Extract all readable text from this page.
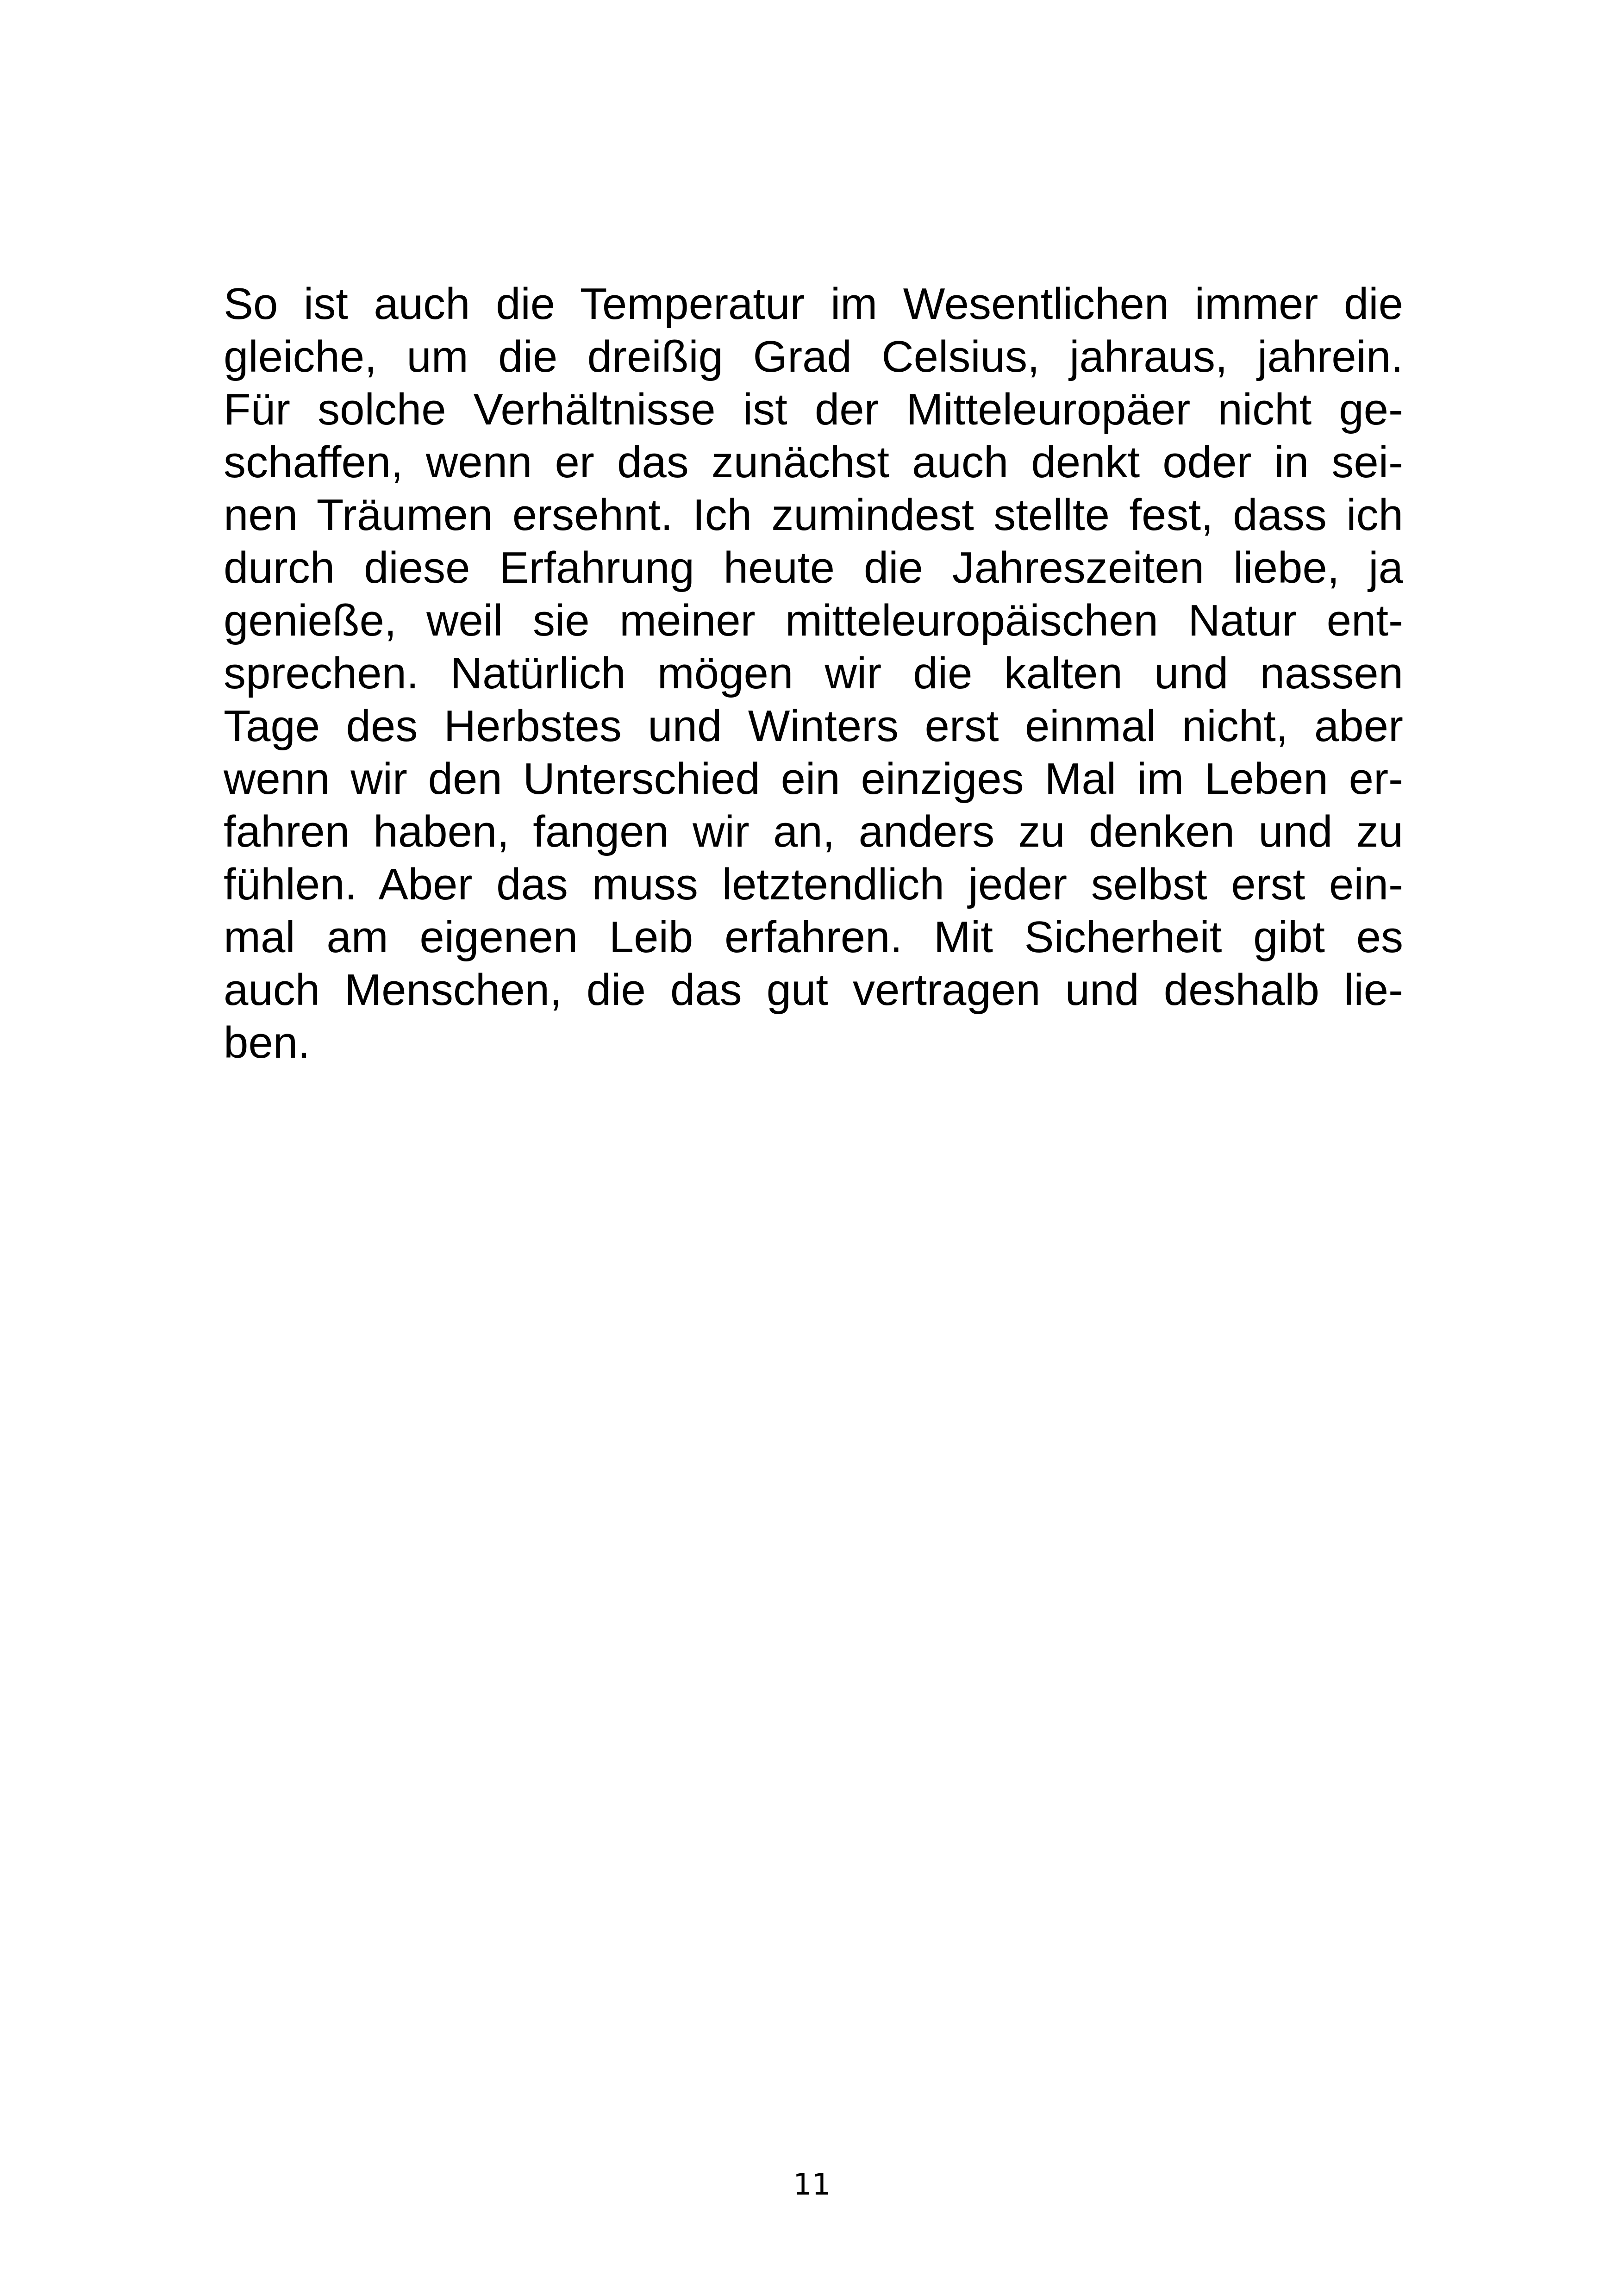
So ist auch die Temperatur im Wesentlichen immer die
gleiche, um die dreißig Grad Celsius, jahraus, jahrein.
Für solche Verhältnisse ist der Mitteleuropäer nicht ge-
schaffen, wenn er das zunächst auch denkt oder in sei-
nen Träumen ersehnt. Ich zumindest stellte fest, dass ich
durch diese Erfahrung heute die Jahreszeiten liebe, ja
genieße, weil sie meiner mitteleuropäischen Natur ent-
sprechen. Natürlich mögen wir die kalten und nassen
Tage des Herbstes und Winters erst einmal nicht, aber
wenn wir den Unterschied ein einziges Mal im Leben er-
fahren haben, fangen wir an, anders zu denken und zu
fühlen. Aber das muss letztendlich jeder selbst erst ein-
mal am eigenen Leib erfahren. Mit Sicherheit gibt es
auch Menschen, die das gut vertragen und deshalb lie-
ben.
11
